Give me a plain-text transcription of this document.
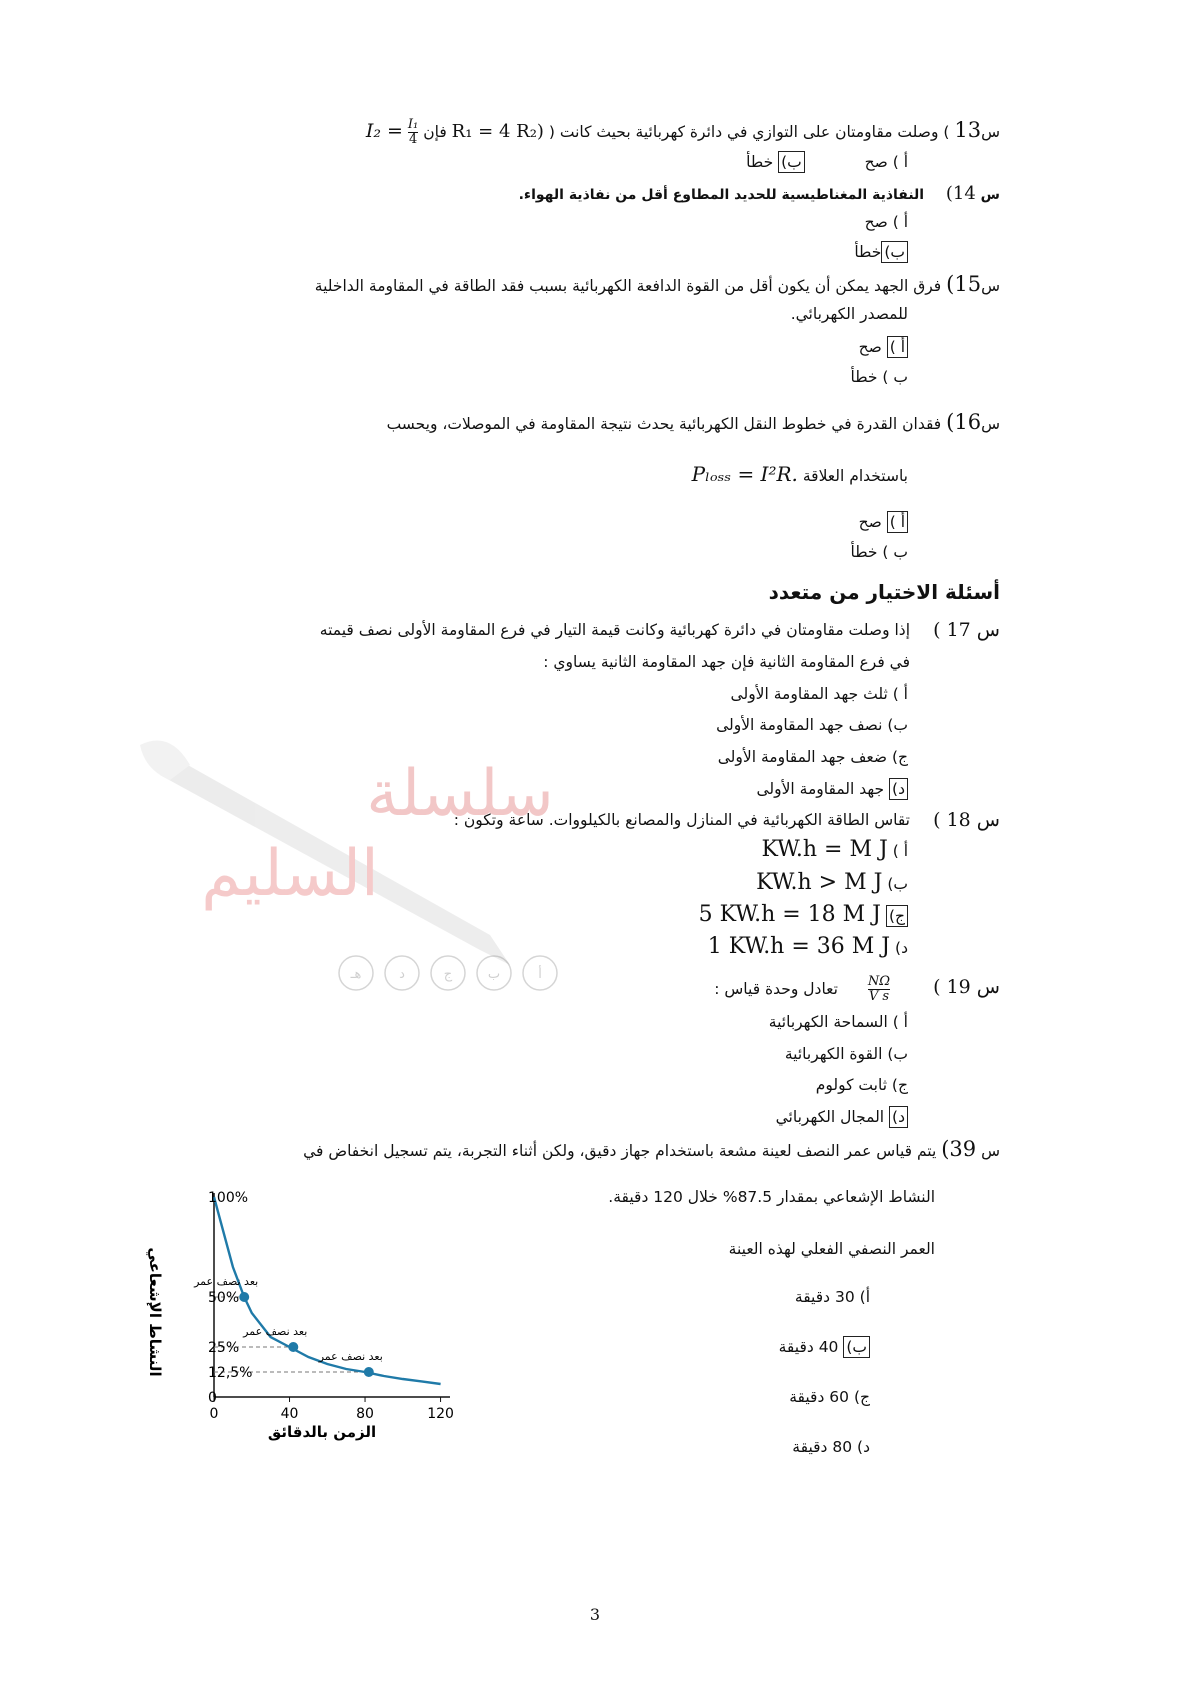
سلسلة
السليم
أ
ب
ج
د
هـ
س13 ) وصلت مقاومتان على التوازي في دائرة كهربائية بحيث كانت ( R₁ = 4 R₂) فإن
$\frac{\text{I₁}}{4}$
I₂ =
أ ) صح  ب) خطأ
س 14)  النفاذية المغناطيسية للحديد المطاوع أقل من نفاذية الهواء.
أ ) صح
ب)خطأ
س15) فرق الجهد يمكن أن يكون أقل من القوة الدافعة الكهربائية بسبب فقد الطاقة في المقاومة الداخلية
للمصدر الكهربائي.
أ ) صح
ب ) خطأ
س16) فقدان القدرة في خطوط النقل الكهربائية يحدث نتيجة المقاومة في الموصلات، ويحسب
باستخدام العلاقة Pₗₒₛₛ = I²R.
أ ) صح
ب ) خطأ
أسئلة الاختيار من متعدد
س 17 )
إذا وصلت مقاومتان في دائرة كهربائية وكانت قيمة التيار في فرع المقاومة الأولى نصف قيمته
في فرع المقاومة الثانية فإن جهد المقاومة الثانية يساوي :
أ ) ثلث جهد المقاومة الأولى
ب) نصف جهد المقاومة الأولى
ج) ضعف جهد المقاومة الأولى
د) جهد المقاومة الأولى
س 18 )
تقاس الطاقة الكهربائية في المنازل والمصانع بالكيلووات. ساعة وتكون :
أ ) KW.h = M J
ب) KW.h > M J
ج) 5 KW.h = 18 M J
د) 1 KW.h = 36 M J
س 19 )
$\frac{N\Omega}{\text{V s}}$
تعادل وحدة قياس :
أ ) السماحة الكهربائية
ب) القوة الكهربائية
ج) ثابت كولوم
د) المجال الكهربائي
س 39) يتم قياس عمر النصف لعينة مشعة باستخدام جهاز دقيق، ولكن أثناء التجربة، يتم تسجيل انخفاض في
النشاط الإشعاعي بمقدار 87.5% خلال 120 دقيقة.
العمر النصفي الفعلي لهذه العينة
أ) 30 دقيقة
ب) 40 دقيقة
ج) 60 دقيقة
د) 80 دقيقة
بعد نصف عمر
بعد نصف عمر
بعد نصف عمر
0	40	80	120
100%
50%
25%
12,5%
0
الزمن بالدقائق
النشاط الإشعاعي
3
